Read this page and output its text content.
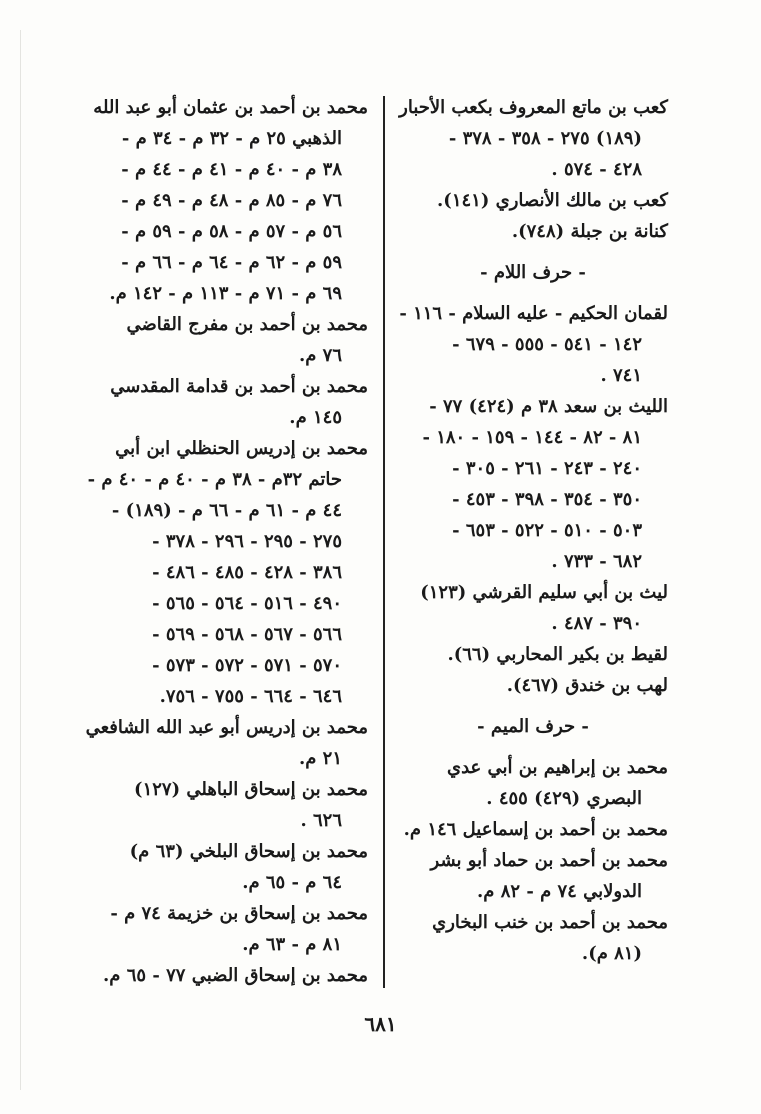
كعب بن ماتع المعروف بكعب الأحبار
(١٨٩) ٢٧٥ - ٣٥٨ - ٣٧٨ -
٤٢٨ - ٥٧٤ .
كعب بن مالك الأنصاري (١٤١).
كنانة بن جبلة (٧٤٨).
- حرف اللام -
لقمان الحكيم - عليه السلام - ١١٦ -
١٤٢ - ٥٤١ - ٥٥٥ - ٦٧٩ -
٧٤١ .
الليث بن سعد ٣٨ م (٤٢٤) ٧٧ -
٨١ - ٨٢ - ١٤٤ - ١٥٩ - ١٨٠ -
٢٤٠ - ٢٤٣ - ٢٦١ - ٣٠٥ -
٣٥٠ - ٣٥٤ - ٣٩٨ - ٤٥٣ -
٥٠٣ - ٥١٠ - ٥٢٢ - ٦٥٣ -
٦٨٢ - ٧٣٣ .
ليث بن أبي سليم القرشي (١٢٣)
٣٩٠ - ٤٨٧ .
لقيط بن بكير المحاربي (٦٦).
لهب بن خندق (٤٦٧).
- حرف الميم -
محمد بن إبراهيم بن أبي عدي
البصري (٤٢٩) ٤٥٥ .
محمد بن أحمد بن إسماعيل ١٤٦ م.
محمد بن أحمد بن حماد أبو بشر
الدولابي ٧٤ م - ٨٢ م.
محمد بن أحمد بن خنب البخاري
(٨١ م).
محمد بن أحمد بن عثمان أبو عبد الله
الذهبي ٢٥ م - ٣٢ م - ٣٤ م -
٣٨ م - ٤٠ م - ٤١ م - ٤٤ م -
٧٦ م - ٨٥ م - ٤٨ م - ٤٩ م -
٥٦ م - ٥٧ م - ٥٨ م - ٥٩ م -
٥٩ م - ٦٢ م - ٦٤ م - ٦٦ م -
٦٩ م - ٧١ م - ١١٣ م - ١٤٢ م.
محمد بن أحمد بن مفرج القاضي
٧٦ م.
محمد بن أحمد بن قدامة المقدسي
١٤٥ م.
محمد بن إدريس الحنظلي ابن أبي
حاتم ٣٢م - ٣٨ م - ٤٠ م - ٤٠ م -
٤٤ م - ٦١ م - ٦٦ م - (١٨٩) -
٢٧٥ - ٢٩٥ - ٢٩٦ - ٣٧٨ -
٣٨٦ - ٤٢٨ - ٤٨٥ - ٤٨٦ -
٤٩٠ - ٥١٦ - ٥٦٤ - ٥٦٥ -
٥٦٦ - ٥٦٧ - ٥٦٨ - ٥٦٩ -
٥٧٠ - ٥٧١ - ٥٧٢ - ٥٧٣ -
٦٤٦ - ٦٦٤ - ٧٥٥ - ٧٥٦.
محمد بن إدريس أبو عبد الله الشافعي
٢١ م.
محمد بن إسحاق الباهلي (١٢٧)
٦٢٦ .
محمد بن إسحاق البلخي (٦٣ م)
٦٤ م - ٦٥ م.
محمد بن إسحاق بن خزيمة ٧٤ م -
٨١ م - ٦٣ م.
محمد بن إسحاق الضبي ٧٧ - ٦٥ م.
٦٨١
